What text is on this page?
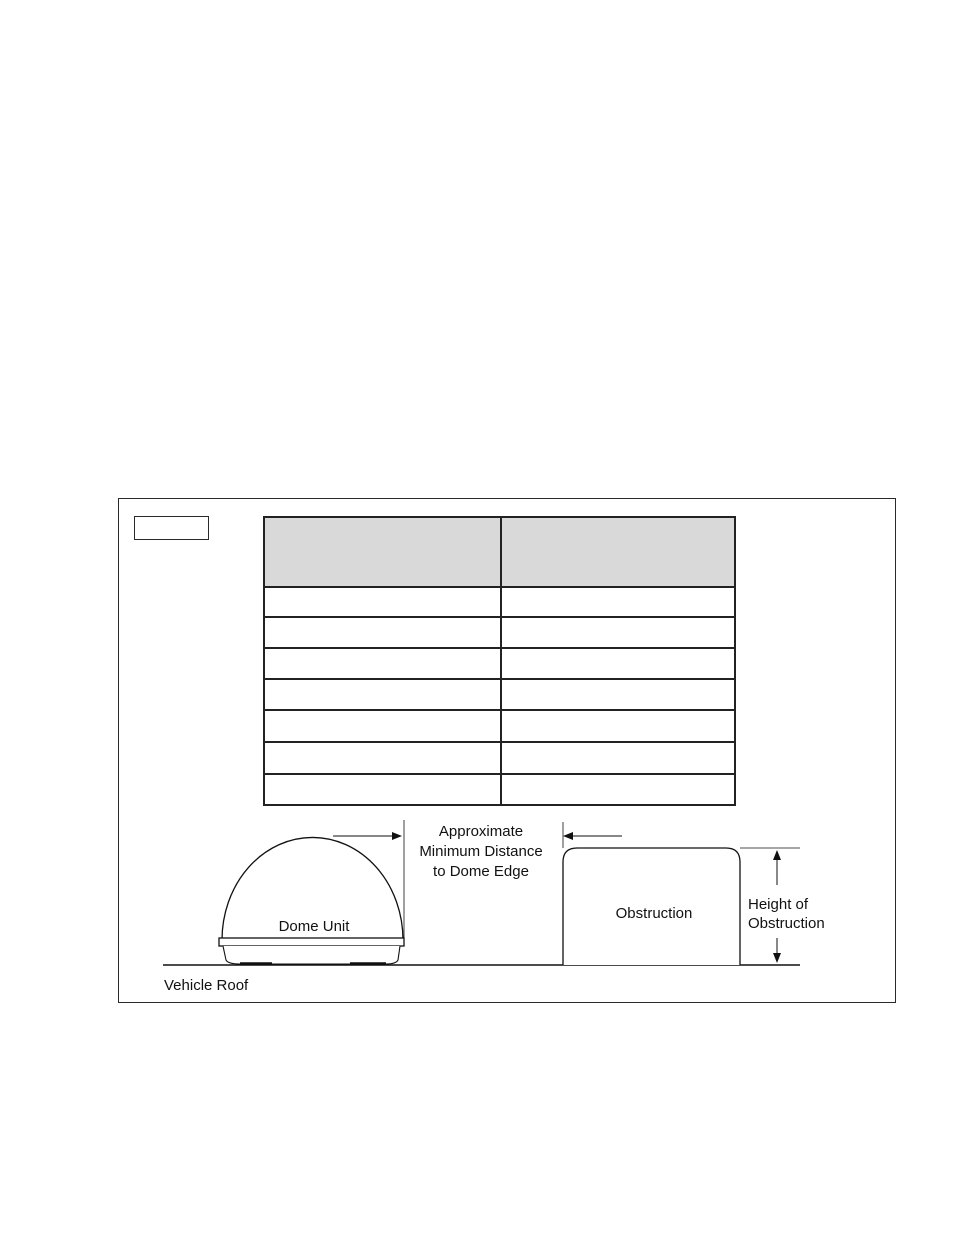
Dome Unit
Obstruction
Approximate
Minimum Distance
to Dome Edge
Height of
Obstruction
Vehicle Roof
